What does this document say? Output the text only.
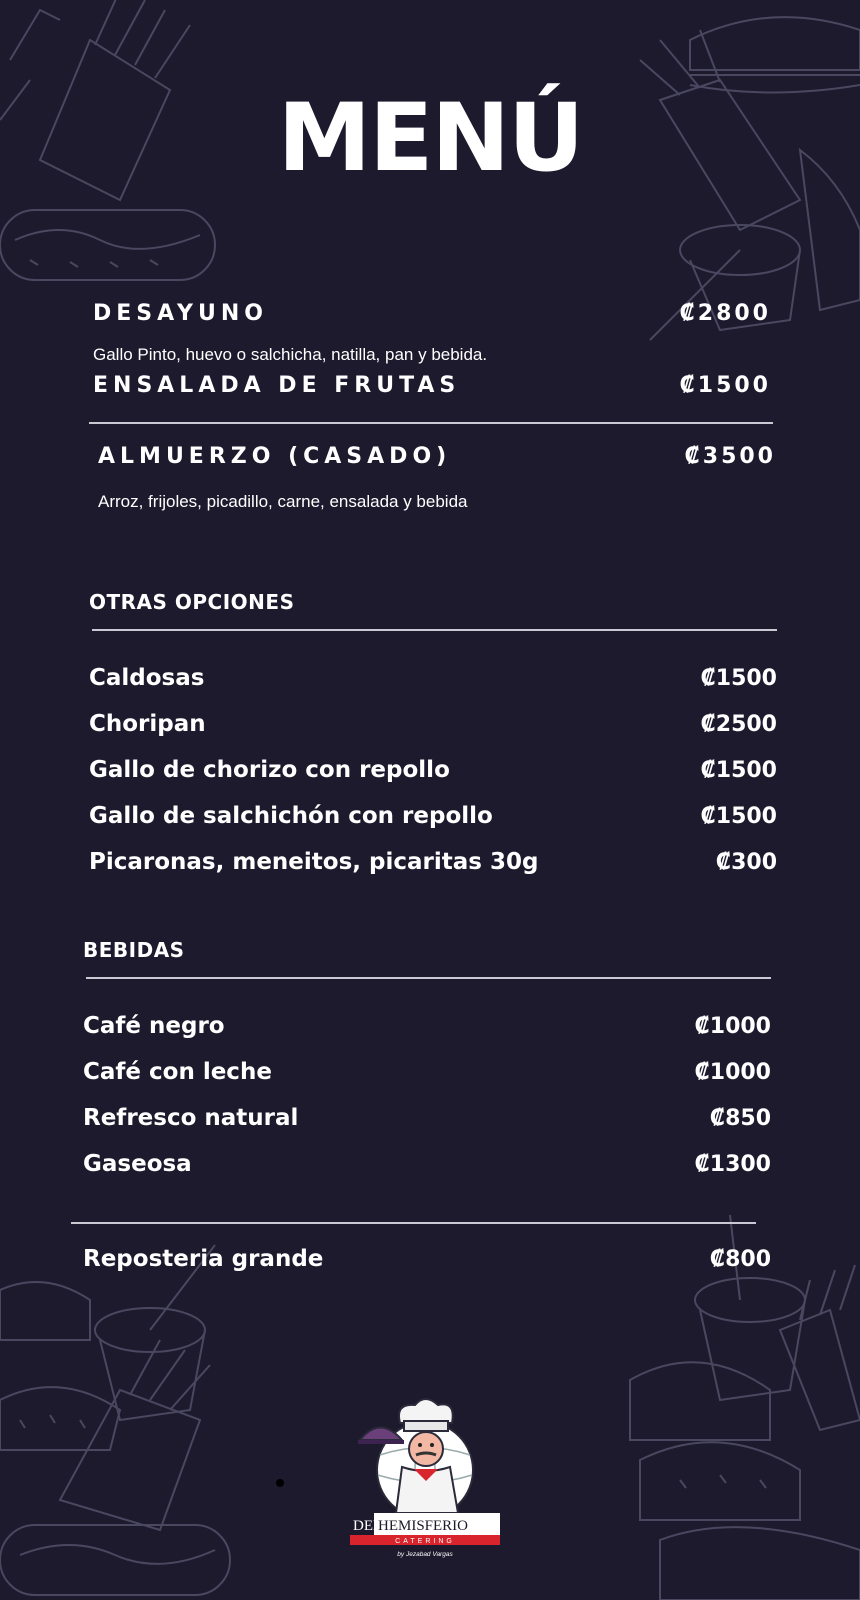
MENÚ
DESAYUNO	₡2800
Gallo Pinto, huevo o salchicha, natilla, pan y bebida.
ENSALADA DE FRUTAS	₡1500
ALMUERZO (CASADO)	₡3500
Arroz, frijoles, picadillo, carne, ensalada y bebida
OTRAS OPCIONES
Caldosas	₡1500
Choripan	₡2500
Gallo de chorizo con repollo	₡1500
Gallo de salchichón con repollo	₡1500
Picaronas, meneitos, picaritas 30g	₡300
BEBIDAS
Café negro	₡1000
Café con leche	₡1000
Refresco natural	₡850
Gaseosa	₡1300
Reposteria grande	₡800
DEL
HEMISFERIO
CATERING
by Jezabad Vargas
